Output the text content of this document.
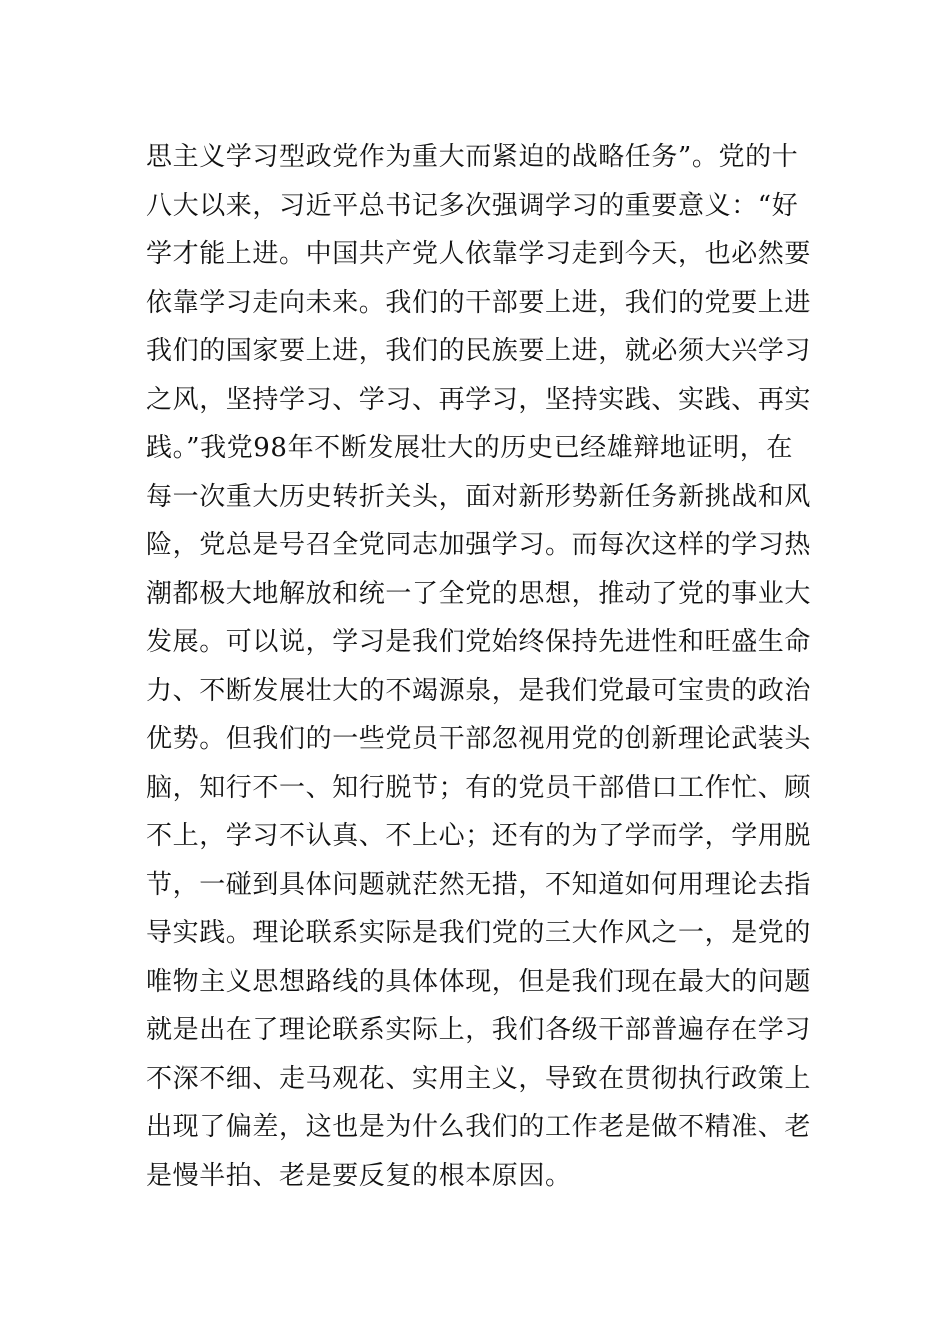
思主义学习型政党作为重大而紧迫的战略任务”。党的十
八大以来，习近平总书记多次强调学习的重要意义：“好
学才能上进。中国共产党人依靠学习走到今天，也必然要
依靠学习走向未来。我们的干部要上进，我们的党要上进
我们的国家要上进，我们的民族要上进，就必须大兴学习
之风，坚持学习、学习、再学习，坚持实践、实践、再实
践。”我党98年不断发展壮大的历史已经雄辩地证明，在
每一次重大历史转折关头，面对新形势新任务新挑战和风
险，党总是号召全党同志加强学习。而每次这样的学习热
潮都极大地解放和统一了全党的思想，推动了党的事业大
发展。可以说，学习是我们党始终保持先进性和旺盛生命
力、不断发展壮大的不竭源泉，是我们党最可宝贵的政治
优势。但我们的一些党员干部忽视用党的创新理论武装头
脑，知行不一、知行脱节；有的党员干部借口工作忙、顾
不上，学习不认真、不上心；还有的为了学而学，学用脱
节，一碰到具体问题就茫然无措，不知道如何用理论去指
导实践。理论联系实际是我们党的三大作风之一，是党的
唯物主义思想路线的具体体现，但是我们现在最大的问题
就是出在了理论联系实际上，我们各级干部普遍存在学习
不深不细、走马观花、实用主义，导致在贯彻执行政策上
出现了偏差，这也是为什么我们的工作老是做不精准、老
是慢半拍、老是要反复的根本原因。
